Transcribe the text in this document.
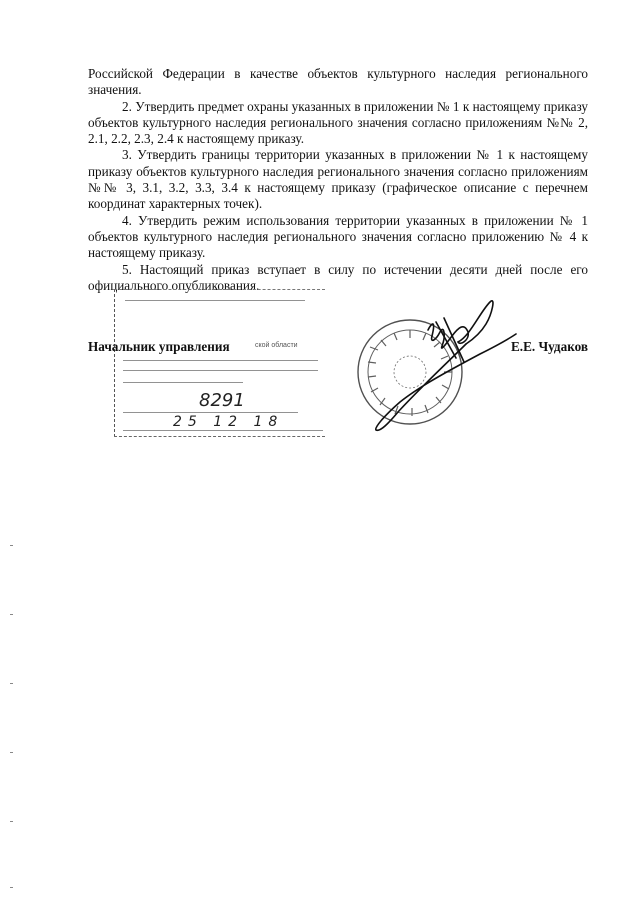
Российской Федерации в качестве объектов культурного наследия регионального значения.

2. Утвердить предмет охраны указанных в приложении № 1 к настоящему приказу объектов культурного наследия регионального значения согласно приложениям №№ 2, 2.1, 2.2, 2.3, 2.4 к настоящему приказу.

3. Утвердить границы территории указанных в приложении № 1 к настоящему приказу объектов культурного наследия регионального значения согласно приложениям №№ 3, 3.1, 3.2, 3.3, 3.4 к настоящему приказу (графическое описание с перечнем координат характерных точек).

4. Утвердить режим использования территории указанных в приложении № 1 объектов культурного наследия регионального значения согласно приложению № 4 к настоящему приказу.

5. Настоящий приказ вступает в силу по истечении десяти дней после его официального опубликования.

ской области
8291
25 12 18
Начальник управления	Е.Е. Чудаков
